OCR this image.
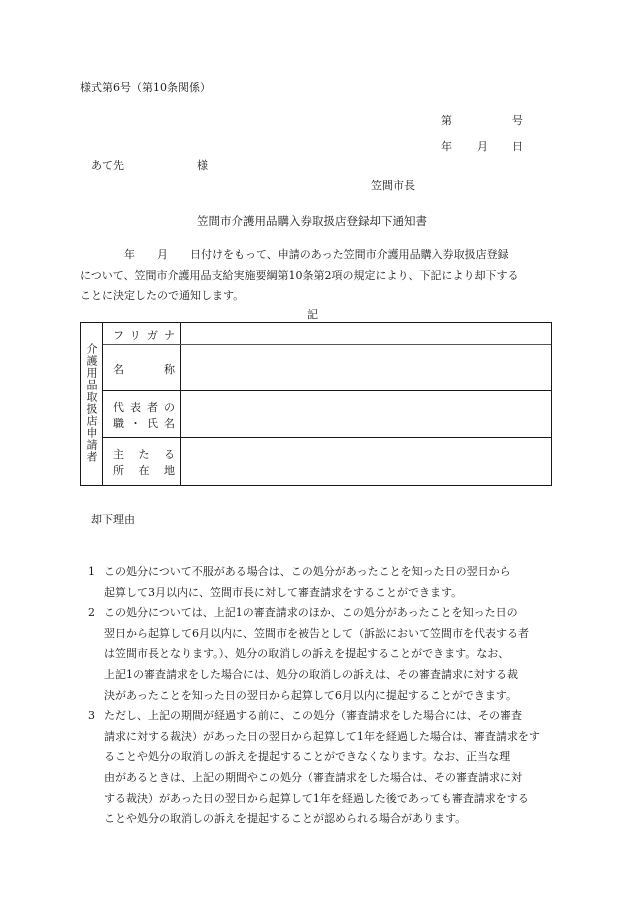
様式第6号（第10条関係）
第	号
年 月 日
あて先	様
笠間市長
笠間市介護用品購入券取扱店登録却下通知書

　　　　年　　月　　日付けをもって、申請のあった笠間市介護用品購入券取扱店登録

について、笠間市介護用品支給実施要綱第10条第2項の規定により、下記により却下する

ことに決定したので通知します。

記
介護用品取扱店申請者
フリガナ
名　称
代表者の
職・氏名
主たる
所在地
却下理由
1 この処分について不服がある場合は、この処分があったことを知った日の翌日から
起算して3月以内に、笠間市長に対して審査請求をすることができます。
2 この処分については、上記1の審査請求のほか、この処分があったことを知った日の
翌日から起算して6月以内に、笠間市を被告として（訴訟において笠間市を代表する者
は笠間市長となります。）、処分の取消しの訴えを提起することができます。なお、
上記1の審査請求をした場合には、処分の取消しの訴えは、その審査請求に対する裁
決があったことを知った日の翌日から起算して6月以内に提起することができます。
3 ただし、上記の期間が経過する前に、この処分（審査請求をした場合には、その審査
請求に対する裁決）があった日の翌日から起算して1年を経過した場合は、審査請求をす
ることや処分の取消しの訴えを提起することができなくなります。なお、正当な理
由があるときは、上記の期間やこの処分（審査請求をした場合は、その審査請求に対
する裁決）があった日の翌日から起算して1年を経過した後であっても審査請求をする
ことや処分の取消しの訴えを提起することが認められる場合があります。
